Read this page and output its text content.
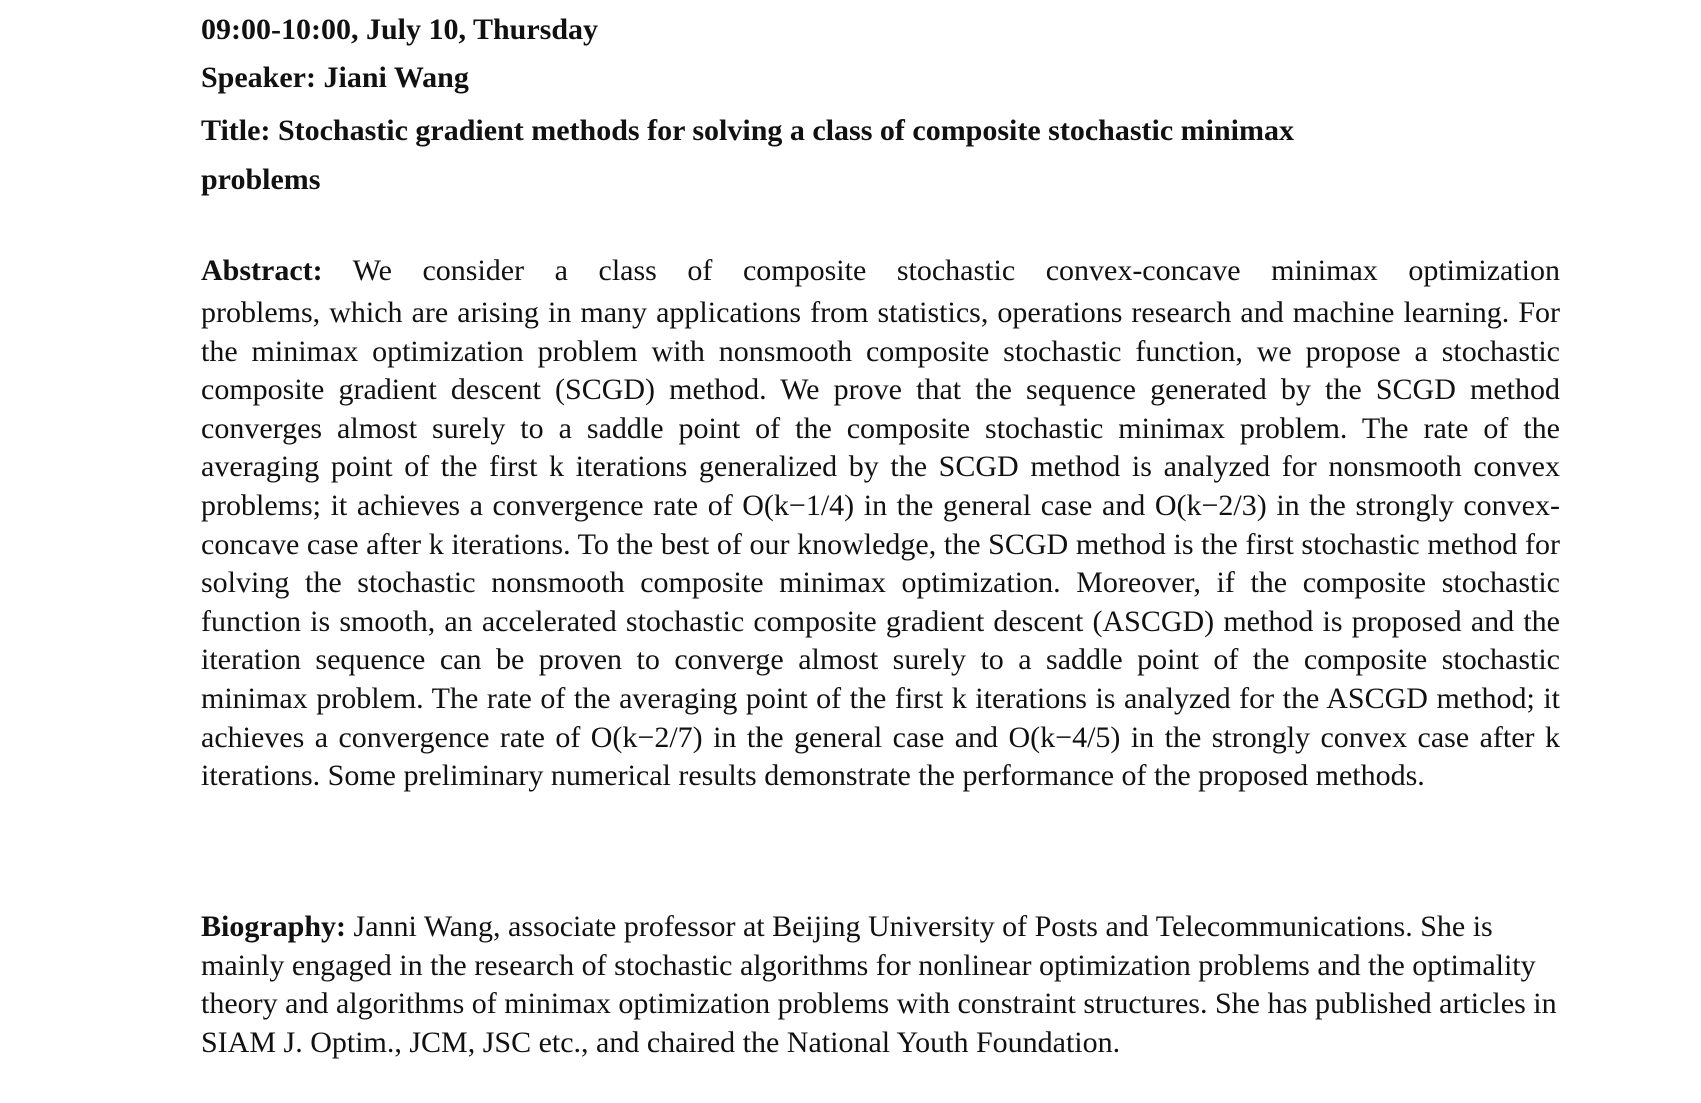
09:00-10:00, July 10, Thursday
Speaker: Jiani Wang
Title: Stochastic gradient methods for solving a class of composite stochastic minimax
problems
Abstract: We consider a class of composite stochastic convex-concave minimax optimization
problems, which are arising in many applications from statistics, operations research and machine learning. For the minimax optimization problem with nonsmooth composite stochastic function, we propose a stochastic composite gradient descent (SCGD) method. We prove that the sequence generated by the SCGD method converges almost surely to a saddle point of the composite stochastic minimax problem. The rate of the averaging point of the first k iterations generalized by the SCGD method is analyzed for nonsmooth convex problems; it achieves a convergence rate of O(k−1/4) in the general case and O(k−2/3) in the strongly convex-concave case after k iterations. To the best of our knowledge, the SCGD method is the first stochastic method for solving the stochastic nonsmooth composite minimax optimization. Moreover, if the composite stochastic function is smooth, an accelerated stochastic composite gradient descent (ASCGD) method is proposed and the iteration sequence can be proven to converge almost surely to a saddle point of the composite stochastic minimax problem. The rate of the averaging point of the first k iterations is analyzed for the ASCGD method; it achieves a convergence rate of O(k−2/7) in the general case and O(k−4/5) in the strongly convex case after k iterations. Some preliminary numerical results demonstrate the performance of the proposed methods.
Biography: Janni Wang, associate professor at Beijing University of Posts and Telecommunications. She is mainly engaged in the research of stochastic algorithms for nonlinear optimization problems and the optimality theory and algorithms of minimax optimization problems with constraint structures. She has published articles in SIAM J. Optim., JCM, JSC etc., and chaired the National Youth Foundation.
